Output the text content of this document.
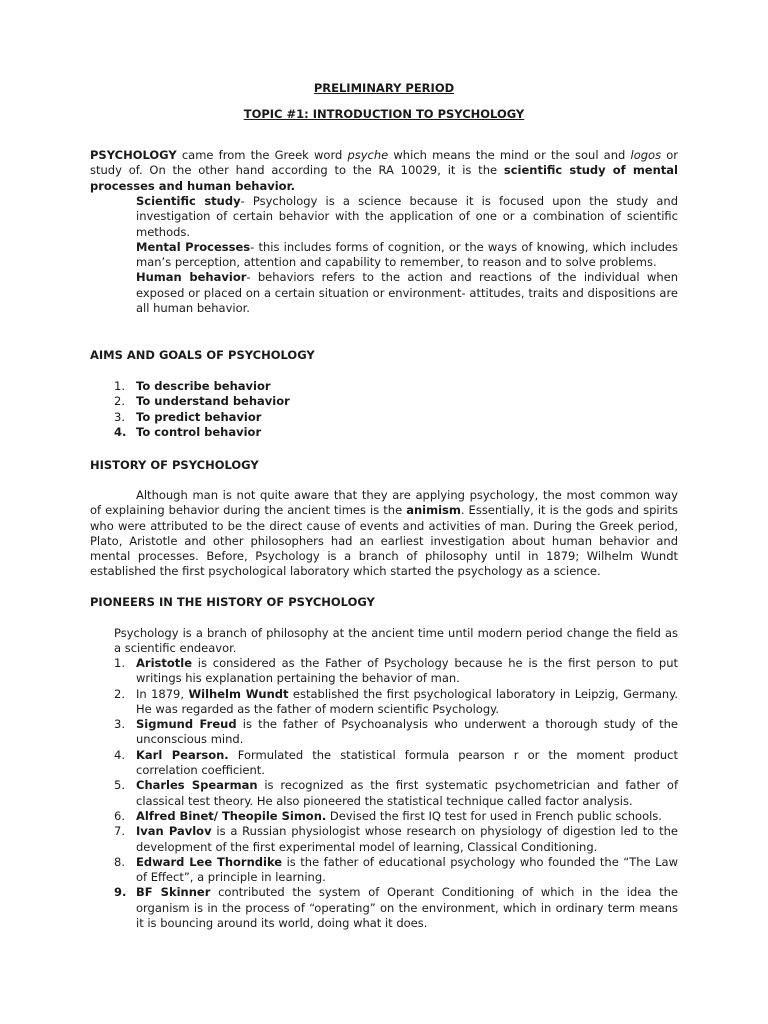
PRELIMINARY PERIOD
TOPIC #1: INTRODUCTION TO PSYCHOLOGY

PSYCHOLOGY came from the Greek word psyche which means the mind or the soul and logos or study of. On the other hand according to the RA 10029, it is the scientific study of mental processes and human behavior.

Scientific study- Psychology is a science because it is focused upon the study and investigation of certain behavior with the application of one or a combination of scientific methods.

Mental Processes- this includes forms of cognition, or the ways of knowing, which includes man’s perception, attention and capability to remember, to reason and to solve problems.

Human behavior- behaviors refers to the action and reactions of the individual when exposed or placed on a certain situation or environment- attitudes, traits and dispositions are all human behavior.

AIMS AND GOALS OF PSYCHOLOGY
1. To describe behavior
2. To understand behavior
3. To predict behavior
4. To control behavior
HISTORY OF PSYCHOLOGY

Although man is not quite aware that they are applying psychology, the most common way of explaining behavior during the ancient times is the animism. Essentially, it is the gods and spirits who were attributed to be the direct cause of events and activities of man. During the Greek period, Plato, Aristotle and other philosophers had an earliest investigation about human behavior and mental processes. Before, Psychology is a branch of philosophy until in 1879; Wilhelm Wundt established the first psychological laboratory which started the psychology as a science.

PIONEERS IN THE HISTORY OF PSYCHOLOGY

Psychology is a branch of philosophy at the ancient time until modern period change the field as a scientific endeavor.

1. Aristotle is considered as the Father of Psychology because he is the first person to put writings his explanation pertaining the behavior of man.

2. In 1879, Wilhelm Wundt established the first psychological laboratory in Leipzig, Germany. He was regarded as the father of modern scientific Psychology.

3. Sigmund Freud is the father of Psychoanalysis who underwent a thorough study of the unconscious mind.

4. Karl Pearson. Formulated the statistical formula pearson r or the moment product correlation coefficient.

5. Charles Spearman is recognized as the first systematic psychometrician and father of classical test theory. He also pioneered the statistical technique called factor analysis.

6. Alfred Binet/ Theopile Simon. Devised the first IQ test for used in French public schools.

7. Ivan Pavlov is a Russian physiologist whose research on physiology of digestion led to the development of the first experimental model of learning, Classical Conditioning.

8. Edward Lee Thorndike is the father of educational psychology who founded the “The Law of Effect”, a principle in learning.

9. BF Skinner contributed the system of Operant Conditioning of which in the idea the organism is in the process of “operating” on the environment, which in ordinary term means it is bouncing around its world, doing what it does.
